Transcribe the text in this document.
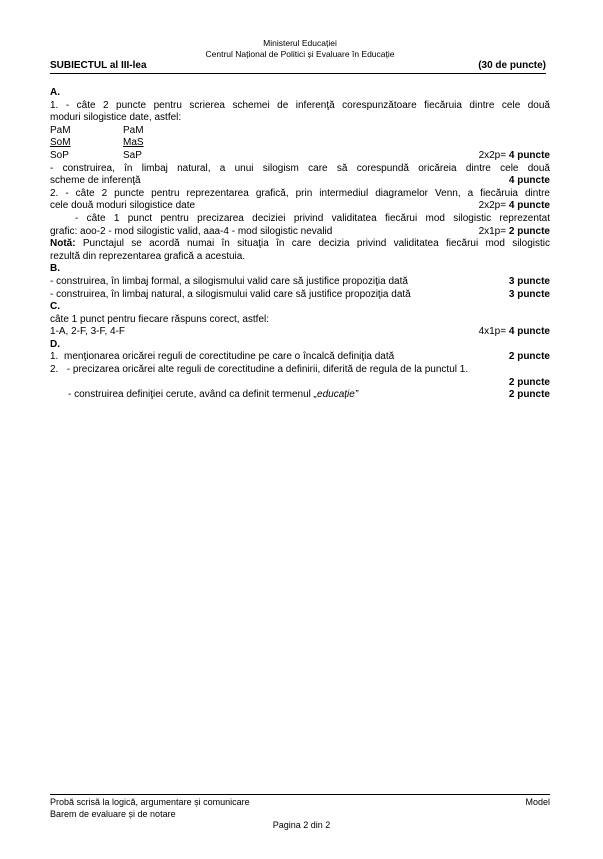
Ministerul Educației
Centrul Național de Politici și Evaluare în Educație
SUBIECTUL al III-lea	(30 de puncte)
A.
1. - câte 2 puncte pentru scrierea schemei de inferenţă corespunzătoare fiecăruia dintre cele două
moduri silogistice date, astfel:
PaM	PaM
SoM	MaS
SoP	SaP	2x2p= 4 puncte
- construirea, în limbaj natural, a unui silogism care să corespundă oricăreia dintre cele două
scheme de inferenţă	4 puncte
2. - câte 2 puncte pentru reprezentarea grafică, prin intermediul diagramelor Venn, a fiecăruia dintre
cele două moduri silogistice date	2x2p= 4 puncte
- câte 1 punct pentru precizarea deciziei privind validitatea fiecărui mod silogistic reprezentat
grafic: aoo-2 - mod silogistic valid, aaa-4 - mod silogistic nevalid	2x1p= 2 puncte
Notă: Punctajul se acordă numai în situaţia în care decizia privind validitatea fiecărui mod silogistic
rezultă din reprezentarea grafică a acestuia.
B.
- construirea, în limbaj formal, a silogismului valid care să justifice propoziţia dată	3 puncte
- construirea, în limbaj natural, a silogismului valid care să justifice propoziţia dată	3 puncte
C.
câte 1 punct pentru fiecare răspuns corect, astfel:
1-A, 2-F, 3-F, 4-F	4x1p= 4 puncte
D.
1. menţionarea oricărei reguli de corectitudine pe care o încalcă definiţia dată	2 puncte
2. - precizarea oricărei alte reguli de corectitudine a definirii, diferită de regula de la punctul 1.
2 puncte
- construirea definiţiei cerute, având ca definit termenul „educație”	2 puncte
Probă scrisă la logică, argumentare și comunicare	Model
Barem de evaluare și de notare
Pagina 2 din 2
